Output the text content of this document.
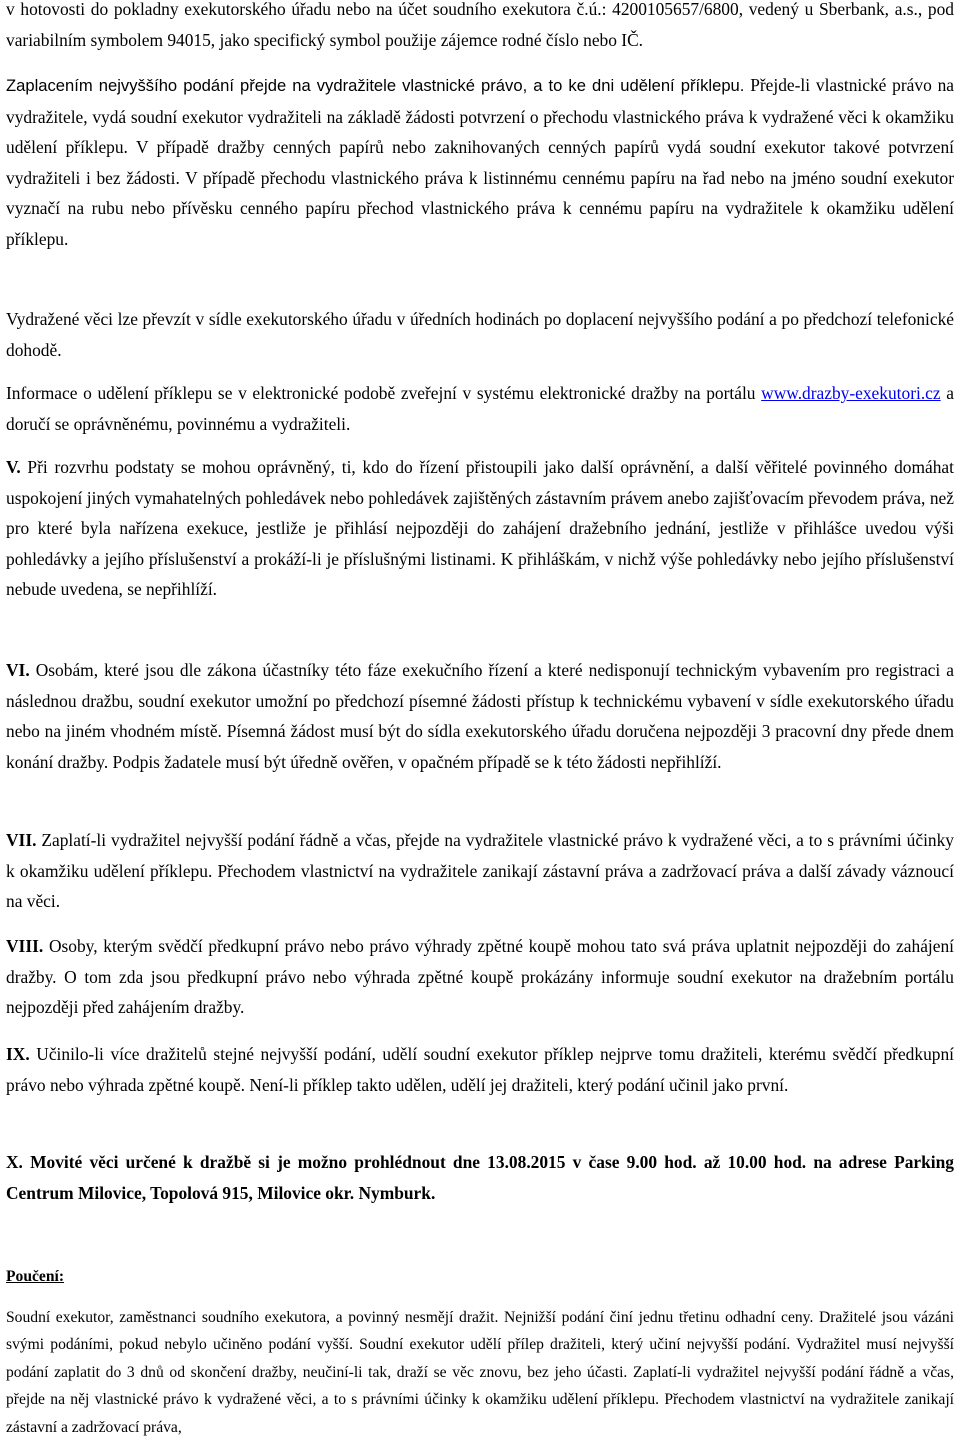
v hotovosti do pokladny exekutorského úřadu nebo na účet soudního exekutora č.ú.: 4200105657/6800, vedený u Sberbank, a.s., pod variabilním symbolem 94015, jako specifický symbol použije zájemce rodné číslo nebo IČ.

Zaplacením nejvyššího podání přejde na vydražitele vlastnické právo, a to ke dni udělení příklepu. Přejde-li vlastnické právo na vydražitele, vydá soudní exekutor vydražiteli na základě žádosti potvrzení o přechodu vlastnického práva k vydražené věci k okamžiku udělení příklepu. V případě dražby cenných papírů nebo zaknihovaných cenných papírů vydá soudní exekutor takové potvrzení vydražiteli i bez žádosti. V případě přechodu vlastnického práva k listinnému cennému papíru na řad nebo na jméno soudní exekutor vyznačí na rubu nebo přívěsku cenného papíru přechod vlastnického práva k cennému papíru na vydražitele k okamžiku udělení příklepu.

Vydražené věci lze převzít v sídle exekutorského úřadu v úředních hodinách po doplacení nejvyššího podání a po předchozí telefonické dohodě.

Informace o udělení příklepu se v elektronické podobě zveřejní v systému elektronické dražby na portálu www.drazby-exekutori.cz a doručí se oprávněnému, povinnému a vydražiteli.

V. Při rozvrhu podstaty se mohou oprávněný, ti, kdo do řízení přistoupili jako další oprávnění, a další věřitelé povinného domáhat uspokojení jiných vymahatelných pohledávek nebo pohledávek zajištěných zástavním právem anebo zajišťovacím převodem práva, než pro které byla nařízena exekuce, jestliže je přihlásí nejpozději do zahájení dražebního jednání, jestliže v přihlášce uvedou výši pohledávky a jejího příslušenství a prokáží-li je příslušnými listinami. K přihláškám, v nichž výše pohledávky nebo jejího příslušenství nebude uvedena, se nepřihlíží.

VI. Osobám, které jsou dle zákona účastníky této fáze exekučního řízení a které nedisponují technickým vybavením pro registraci a následnou dražbu, soudní exekutor umožní po předchozí písemné žádosti přístup k technickému vybavení v sídle exekutorského úřadu nebo na jiném vhodném místě. Písemná žádost musí být do sídla exekutorského úřadu doručena nejpozději 3 pracovní dny přede dnem konání dražby. Podpis žadatele musí být úředně ověřen, v opačném případě se k této žádosti nepřihlíží.

VII. Zaplatí-li vydražitel nejvyšší podání řádně a včas, přejde na vydražitele vlastnické právo k vydražené věci, a to s právními účinky k okamžiku udělení příklepu. Přechodem vlastnictví na vydražitele zanikají zástavní práva a zadržovací práva a další závady váznoucí na věci.

VIII. Osoby, kterým svědčí předkupní právo nebo právo výhrady zpětné koupě mohou tato svá práva uplatnit nejpozději do zahájení dražby. O tom zda jsou předkupní právo nebo výhrada zpětné koupě prokázány informuje soudní exekutor na dražebním portálu nejpozději před zahájením dražby.

IX. Učinilo-li více dražitelů stejné nejvyšší podání, udělí soudní exekutor příklep nejprve tomu dražiteli, kterému svědčí předkupní právo nebo výhrada zpětné koupě. Není-li příklep takto udělen, udělí jej dražiteli, který podání učinil jako první.

X. Movité věci určené k dražbě si je možno prohlédnout dne 13.08.2015 v čase 9.00 hod. až 10.00 hod. na adrese Parking Centrum Milovice, Topolová 915, Milovice okr. Nymburk.

Poučení:

Soudní exekutor, zaměstnanci soudního exekutora, a povinný nesmějí dražit. Nejnižší podání činí jednu třetinu odhadní ceny. Dražitelé jsou vázáni svými podáními, pokud nebylo učiněno podání vyšší. Soudní exekutor udělí přílep dražiteli, který učiní nejvyšší podání. Vydražitel musí nejvyšší podání zaplatit do 3 dnů od skončení dražby, neučiní-li tak, draží se věc znovu, bez jeho účasti. Zaplatí-li vydražitel nejvyšší podání řádně a včas, přejde na něj vlastnické právo k vydražené věci, a to s právními účinky k okamžiku udělení příklepu. Přechodem vlastnictví na vydražitele zanikají zástavní a zadržovací práva,
